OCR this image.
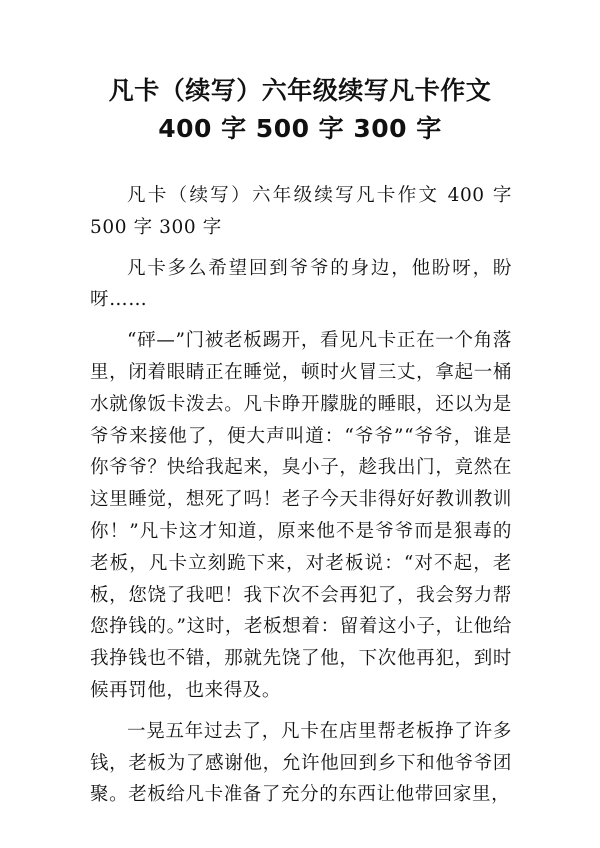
凡卡（续写）六年级续写凡卡作文
400 字 500 字 300 字

凡卡（续写）六年级续写凡卡作文 400 字 500 字 300 字

凡卡多么希望回到爷爷的身边，他盼呀，盼呀……

“砰—”门被老板踢开，看见凡卡正在一个角落里，闭着眼睛正在睡觉，顿时火冒三丈，拿起一桶水就像饭卡泼去。凡卡睁开朦胧的睡眼，还以为是爷爷来接他了，便大声叫道：“爷爷”“爷爷，谁是你爷爷？快给我起来，臭小子，趁我出门，竟然在这里睡觉，想死了吗！老子今天非得好好教训教训你！”凡卡这才知道，原来他不是爷爷而是狠毒的老板，凡卡立刻跪下来，对老板说：“对不起，老板，您饶了我吧！我下次不会再犯了，我会努力帮您挣钱的。”这时，老板想着：留着这小子，让他给我挣钱也不错，那就先饶了他，下次他再犯，到时候再罚他，也来得及。

一晃五年过去了，凡卡在店里帮老板挣了许多钱，老板为了感谢他，允许他回到乡下和他爷爷团聚。老板给凡卡准备了充分的东西让他带回家里，
